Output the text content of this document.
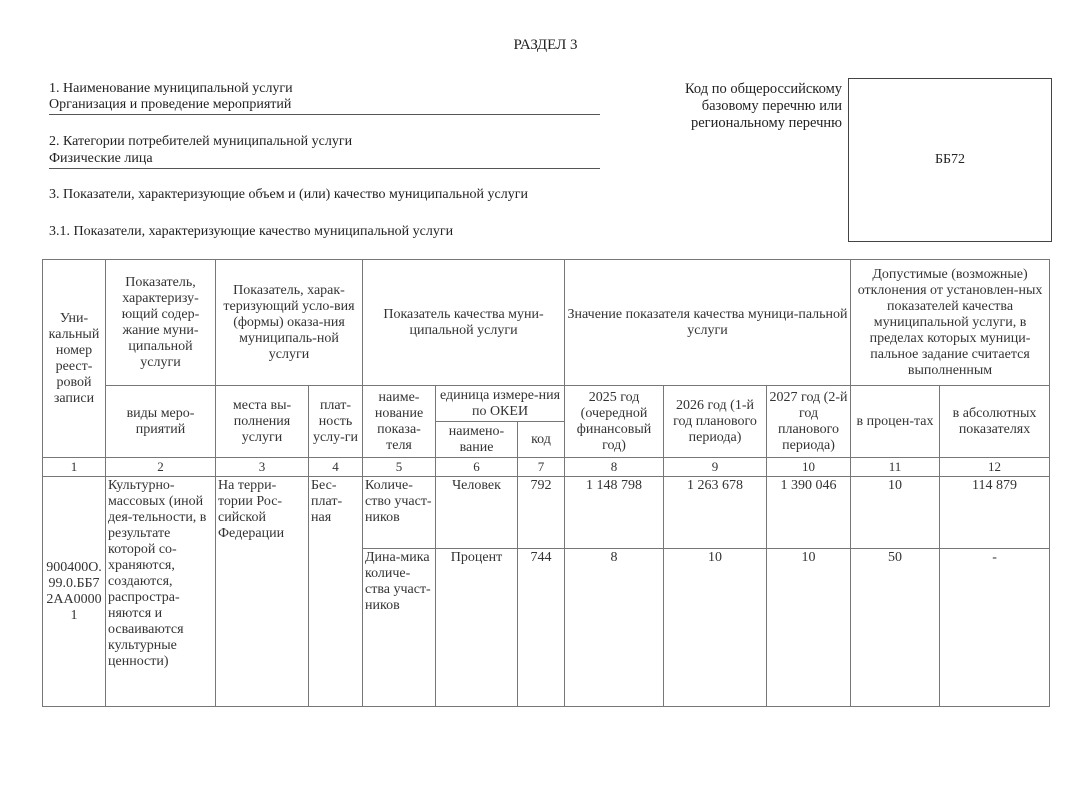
РАЗДЕЛ 3
1. Наименование муниципальной услуги
Организация и проведение мероприятий
2. Категории потребителей муниципальной услуги
Физические лица
Код по общероссийскому
базовому перечню или
региональному перечню
ББ72
3. Показатели, характеризующие объем и (или) качество муниципальной услуги
3.1. Показатели, характеризующие качество муниципальной услуги
Уни-кальный номер реест-ровой записи	Показатель, характеризу-ющий содер-жание муни-ципальной услуги	Показатель, харак-теризующий усло-вия (формы) оказа-ния муниципаль-ной услуги		Показатель качества муни-ципальной услуги			Значение показателя качества муници-пальной услуги			Допустимые (возможные) отклонения от установлен-ных показателей качества муниципальной услуги, в пределах которых муници-пальное задание считается выполненным	
	виды меро-приятий	места вы-полнения услуги	плат-ность услу-ги	наиме-нование показа-теля	единица измере-ния по ОКЕИ		2025 год (очередной финансовый год)	2026 год (1-й год планового периода)	2027 год (2-й год планового периода)	в процен-тах	в абсолютных показателях
					наимено-вание	код					
1	2	3	4	5	6	7	8	9	10	11	12
900400О.99.0.ББ72АА00001	Культурно-массовых (иной дея-тельности, в результате которой со-храняются, создаются, распростра-няются и осваиваются культурные ценности)	На терри-тории Рос-сийской Федерации	Бес-плат-ная	Количе-ство участ-ников	Человек	792	1 148 798	1 263 678	1 390 046	10	114 879
				Дина-мика количе-ства участ-ников	Процент	744	8	10	10	50	-
